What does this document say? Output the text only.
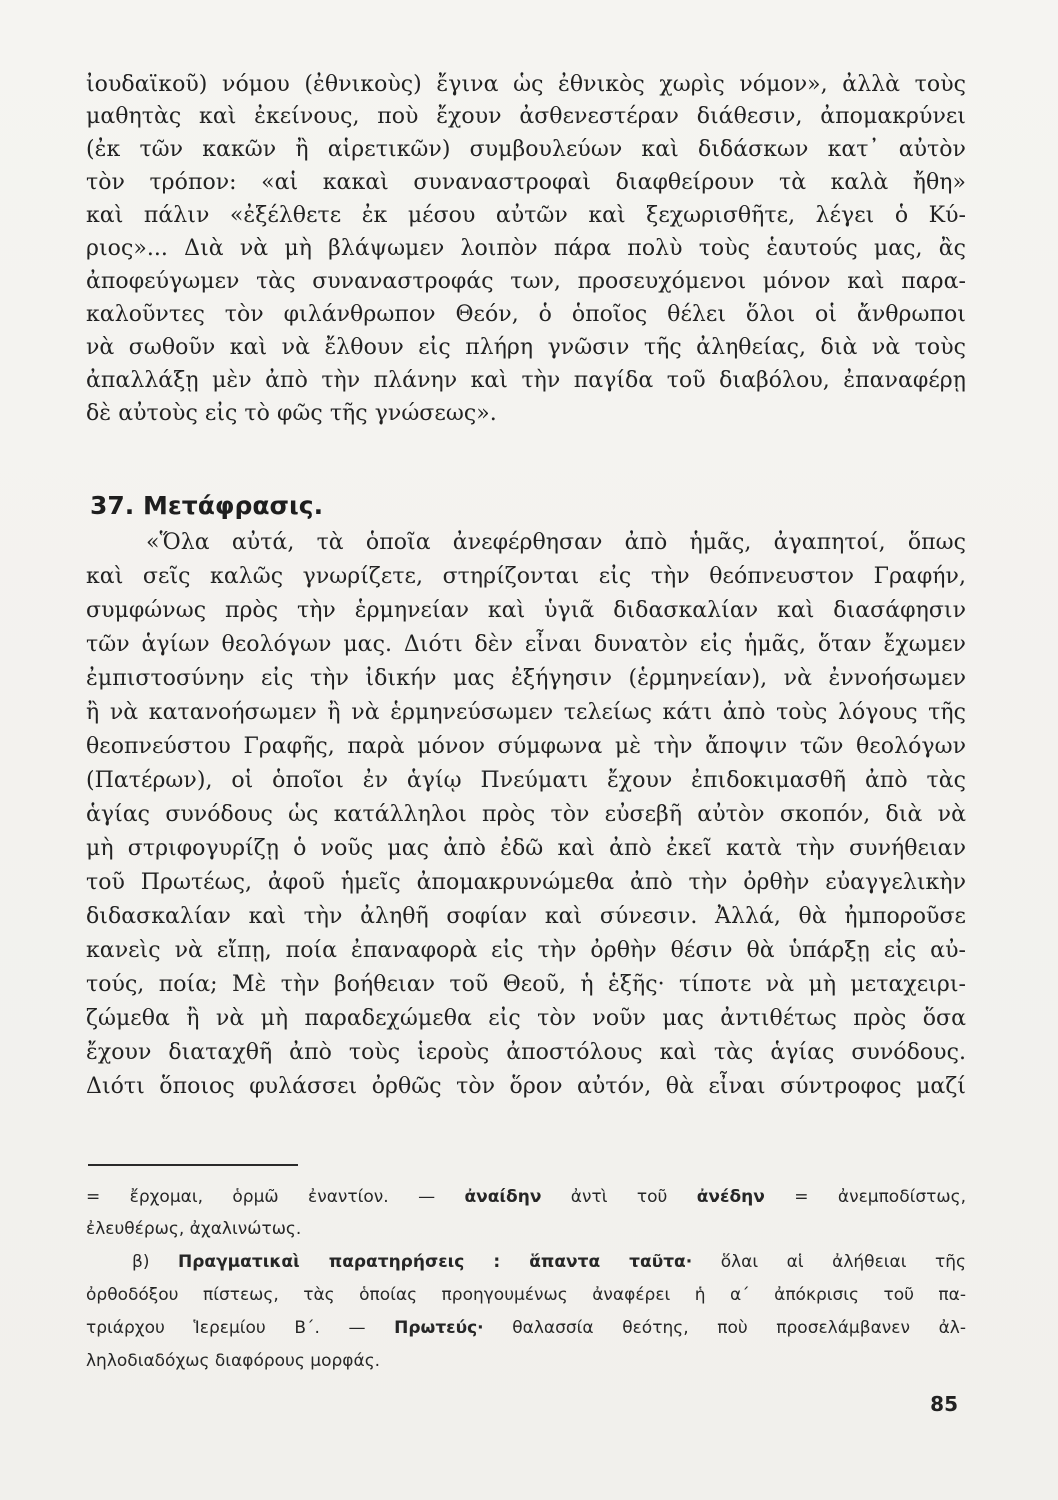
ἰουδαϊκοῦ) νόμου (ἐθνικοὺς) ἔγινα ὡς ἐθνικὸς χωρὶς νόμον», ἀλλὰ τοὺς
μαθητὰς καὶ ἐκείνους, ποὺ ἔχουν ἀσθενεστέραν διάθεσιν, ἀπομακρύνει
(ἐκ τῶν κακῶν ἢ αἱρετικῶν) συμβουλεύων καὶ διδάσκων κατ᾽ αὐτὸν
τὸν τρόπον: «αἱ κακαὶ συναναστροφαὶ διαφθείρουν τὰ καλὰ ἤθη»
καὶ πάλιν «ἐξέλθετε ἐκ μέσου αὐτῶν καὶ ξεχωρισθῆτε, λέγει ὁ Κύ-
ριος»... Διὰ νὰ μὴ βλάψωμεν λοιπὸν πάρα πολὺ τοὺς ἑαυτούς μας, ἂς
ἀποφεύγωμεν τὰς συναναστροφάς των, προσευχόμενοι μόνον καὶ παρα-
καλοῦντες τὸν φιλάνθρωπον Θεόν, ὁ ὁποῖος θέλει ὅλοι οἱ ἄνθρωποι
νὰ σωθοῦν καὶ νὰ ἔλθουν εἰς πλήρη γνῶσιν τῆς ἀληθείας, διὰ νὰ τοὺς
ἀπαλλάξῃ μὲν ἀπὸ τὴν πλάνην καὶ τὴν παγίδα τοῦ διαβόλου, ἐπαναφέρῃ
δὲ αὐτοὺς εἰς τὸ φῶς τῆς γνώσεως».
37. Μετάφρασις.
«Ὅλα αὐτά, τὰ ὁποῖα ἀνεφέρθησαν ἀπὸ ἡμᾶς, ἀγαπητοί, ὅπως
καὶ σεῖς καλῶς γνωρίζετε, στηρίζονται εἰς τὴν θεόπνευστον Γραφήν,
συμφώνως πρὸς τὴν ἑρμηνείαν καὶ ὑγιᾶ διδασκαλίαν καὶ διασάφησιν
τῶν ἁγίων θεολόγων μας. Διότι δὲν εἶναι δυνατὸν εἰς ἡμᾶς, ὅταν ἔχωμεν
ἐμπιστοσύνην εἰς τὴν ἰδικήν μας ἐξήγησιν (ἑρμηνείαν), νὰ ἐννοήσωμεν
ἢ νὰ κατανοήσωμεν ἢ νὰ ἑρμηνεύσωμεν τελείως κάτι ἀπὸ τοὺς λόγους τῆς
θεοπνεύστου Γραφῆς, παρὰ μόνον σύμφωνα μὲ τὴν ἄποψιν τῶν θεολόγων
(Πατέρων), οἱ ὁποῖοι ἐν ἁγίῳ Πνεύματι ἔχουν ἐπιδοκιμασθῆ ἀπὸ τὰς
ἁγίας συνόδους ὡς κατάλληλοι πρὸς τὸν εὐσεβῆ αὐτὸν σκοπόν, διὰ νὰ
μὴ στριφογυρίζῃ ὁ νοῦς μας ἀπὸ ἐδῶ καὶ ἀπὸ ἐκεῖ κατὰ τὴν συνήθειαν
τοῦ Πρωτέως, ἀφοῦ ἡμεῖς ἀπομακρυνώμεθα ἀπὸ τὴν ὀρθὴν εὐαγγελικὴν
διδασκαλίαν καὶ τὴν ἀληθῆ σοφίαν καὶ σύνεσιν. Ἀλλά, θὰ ἠμποροῦσε
κανεὶς νὰ εἴπῃ, ποία ἐπαναφορὰ εἰς τὴν ὀρθὴν θέσιν θὰ ὑπάρξῃ εἰς αὐ-
τούς, ποία; Μὲ τὴν βοήθειαν τοῦ Θεοῦ, ἡ ἑξῆς· τίποτε νὰ μὴ μεταχειρι-
ζώμεθα ἢ νὰ μὴ παραδεχώμεθα εἰς τὸν νοῦν μας ἀντιθέτως πρὸς ὅσα
ἔχουν διαταχθῆ ἀπὸ τοὺς ἱεροὺς ἀποστόλους καὶ τὰς ἁγίας συνόδους.
Διότι ὅποιος φυλάσσει ὀρθῶς τὸν ὅρον αὐτόν, θὰ εἶναι σύντροφος μαζί
= ἔρχομαι, ὁρμῶ ἐναντίον. — ἀναίδην ἀντὶ τοῦ ἀνέδην = ἀνεμποδίστως,
ἐλευθέρως, ἀχαλινώτως.
β) Πραγματικαὶ παρατηρήσεις : ἅπαντα ταῦτα· ὅλαι αἱ ἀλήθειαι τῆς
ὀρθοδόξου πίστεως, τὰς ὁποίας προηγουμένως ἀναφέρει ἡ α΄ ἀπόκρισις τοῦ πα-
τριάρχου Ἱερεμίου Β΄. — Πρωτεύς· θαλασσία θεότης, ποὺ προσελάμβανεν ἀλ-
ληλοδιαδόχως διαφόρους μορφάς.
85
